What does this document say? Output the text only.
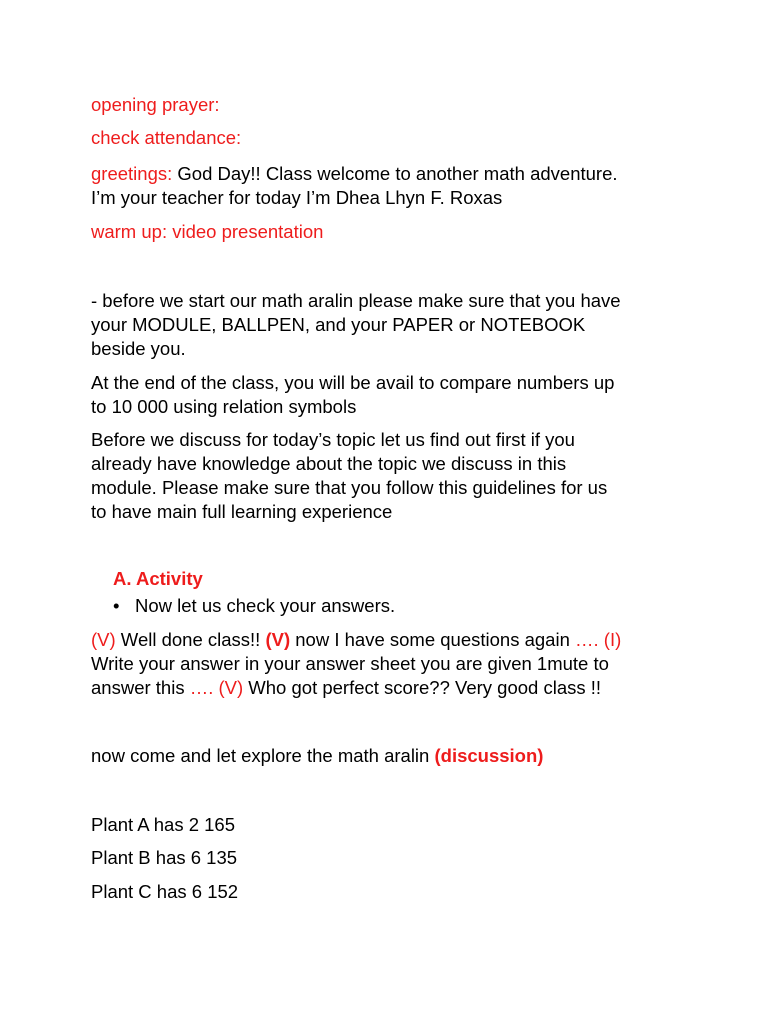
opening prayer:
check attendance:
greetings: God Day!! Class welcome to another math adventure.
I’m your teacher for today I’m Dhea Lhyn F. Roxas
warm up: video presentation
- before we start our math aralin please make sure that you have
your MODULE, BALLPEN, and your PAPER or NOTEBOOK
beside you.
At the end of the class, you will be avail to compare numbers up
to 10 000 using relation symbols
Before we discuss for today’s topic let us find out first if you
already have knowledge about the topic we discuss in this
module. Please make sure that you follow this guidelines for us
to have main full learning experience
A. Activity
• Now let us check your answers.
(V) Well done class!! (V) now I have some questions again …. (I)
Write your answer in your answer sheet you are given 1mute to
answer this …. (V) Who got perfect score?? Very good class !!
now come and let explore the math aralin (discussion)
Plant A has 2 165
Plant B has 6 135
Plant C has 6 152
